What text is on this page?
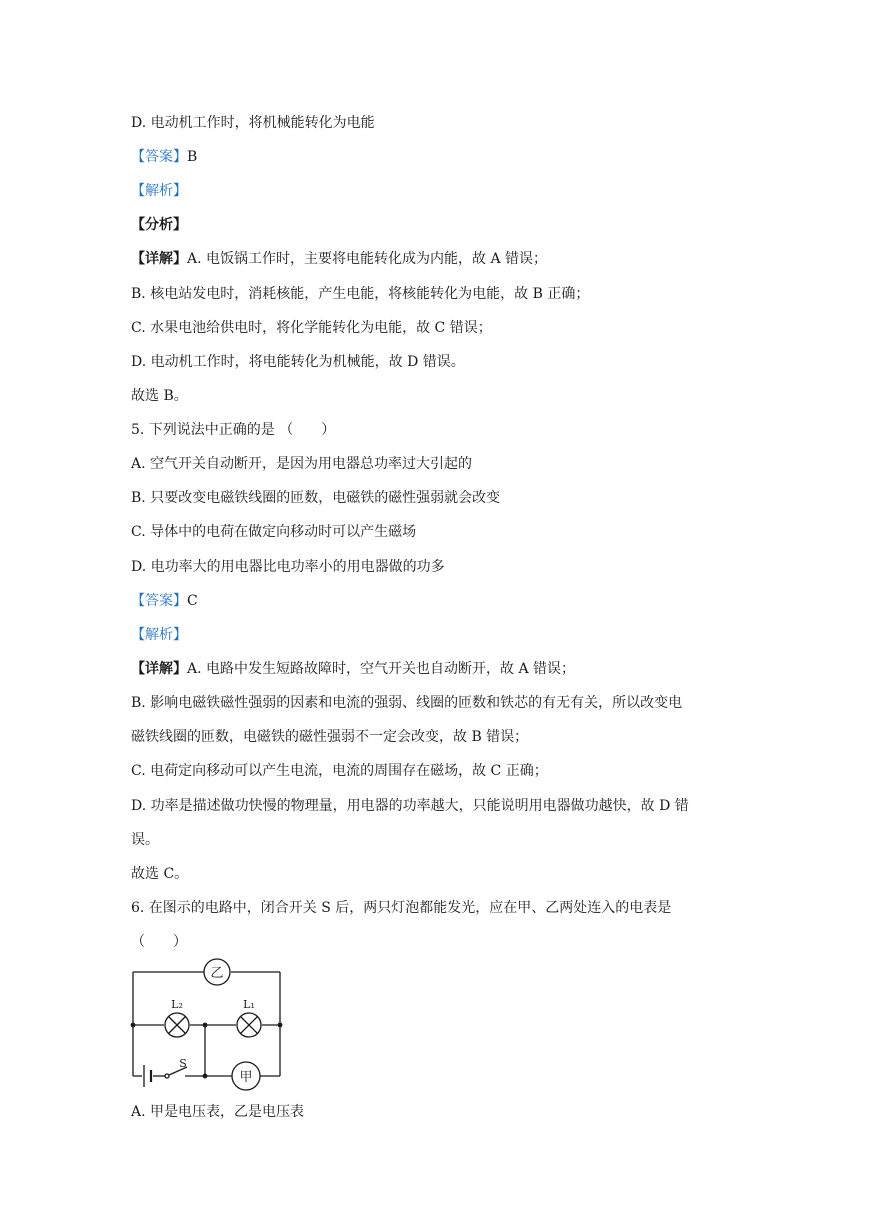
D. 电动机工作时，将机械能转化为电能
【答案】B
【解析】
【分析】
【详解】A. 电饭锅工作时，主要将电能转化成为内能，故 A 错误；
B. 核电站发电时，消耗核能，产生电能，将核能转化为电能，故 B 正确；
C. 水果电池给供电时，将化学能转化为电能，故 C 错误；
D. 电动机工作时，将电能转化为机械能，故 D 错误。
故选 B。
5. 下列说法中正确的是 （　　）
A. 空气开关自动断开，是因为用电器总功率过大引起的
B. 只要改变电磁铁线圈的匝数，电磁铁的磁性强弱就会改变
C. 导体中的电荷在做定向移动时可以产生磁场
D. 电功率大的用电器比电功率小的用电器做的功多
【答案】C
【解析】
【详解】A. 电路中发生短路故障时，空气开关也自动断开，故 A 错误；
B. 影响电磁铁磁性强弱的因素和电流的强弱、线圈的匝数和铁芯的有无有关，所以改变电
磁铁线圈的匝数，电磁铁的磁性强弱不一定会改变，故 B 错误；
C. 电荷定向移动可以产生电流，电流的周围存在磁场，故 C 正确；
D. 功率是描述做功快慢的物理量，用电器的功率越大，只能说明用电器做功越快，故 D 错
误。
故选 C。
6. 在图示的电路中，闭合开关 S 后，两只灯泡都能发光，应在甲、乙两处连入的电表是
（　　）
乙
甲
L₂	L₁
S
A. 甲是电压表，乙是电压表
